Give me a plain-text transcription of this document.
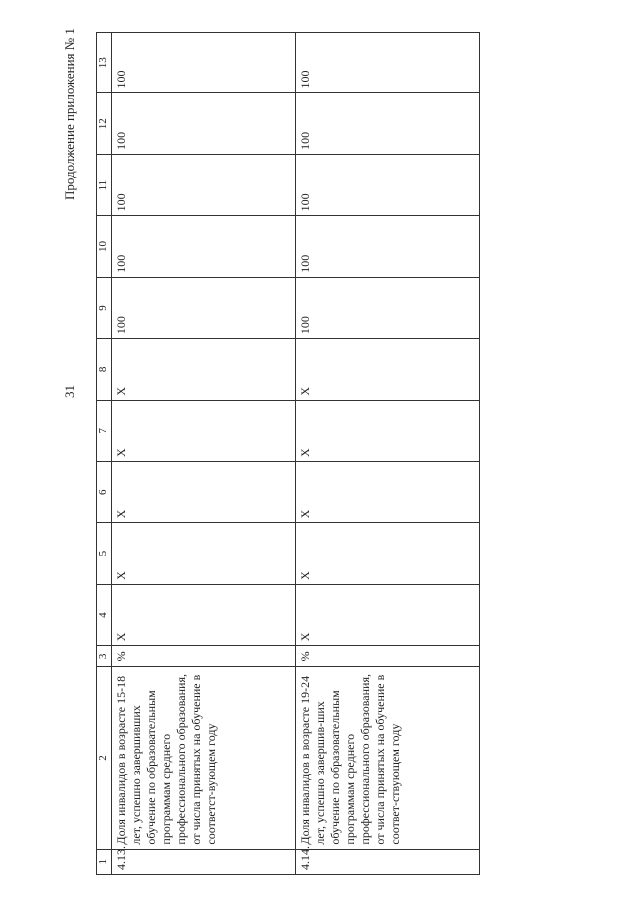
31
Продолжение приложения № 1
1	2	3	4	5	6	7	8	9	10	11	12	13
4.13.	Доля инвалидов в возрасте 15-18 лет, успешно завершивших обучение по образовательным программам среднего профессионального образования, от числа принятых на обучение в соответст-вующем году	%	X	X	X	X	X	100	100	100	100	100
4.14.	Доля инвалидов в возрасте 19-24 лет, успешно завершив-ших обучение по образовательным программам среднего профессионального образования, от числа принятых на обучение в соответ-ствующем году	%	X	X	X	X	X	100	100	100	100	100
